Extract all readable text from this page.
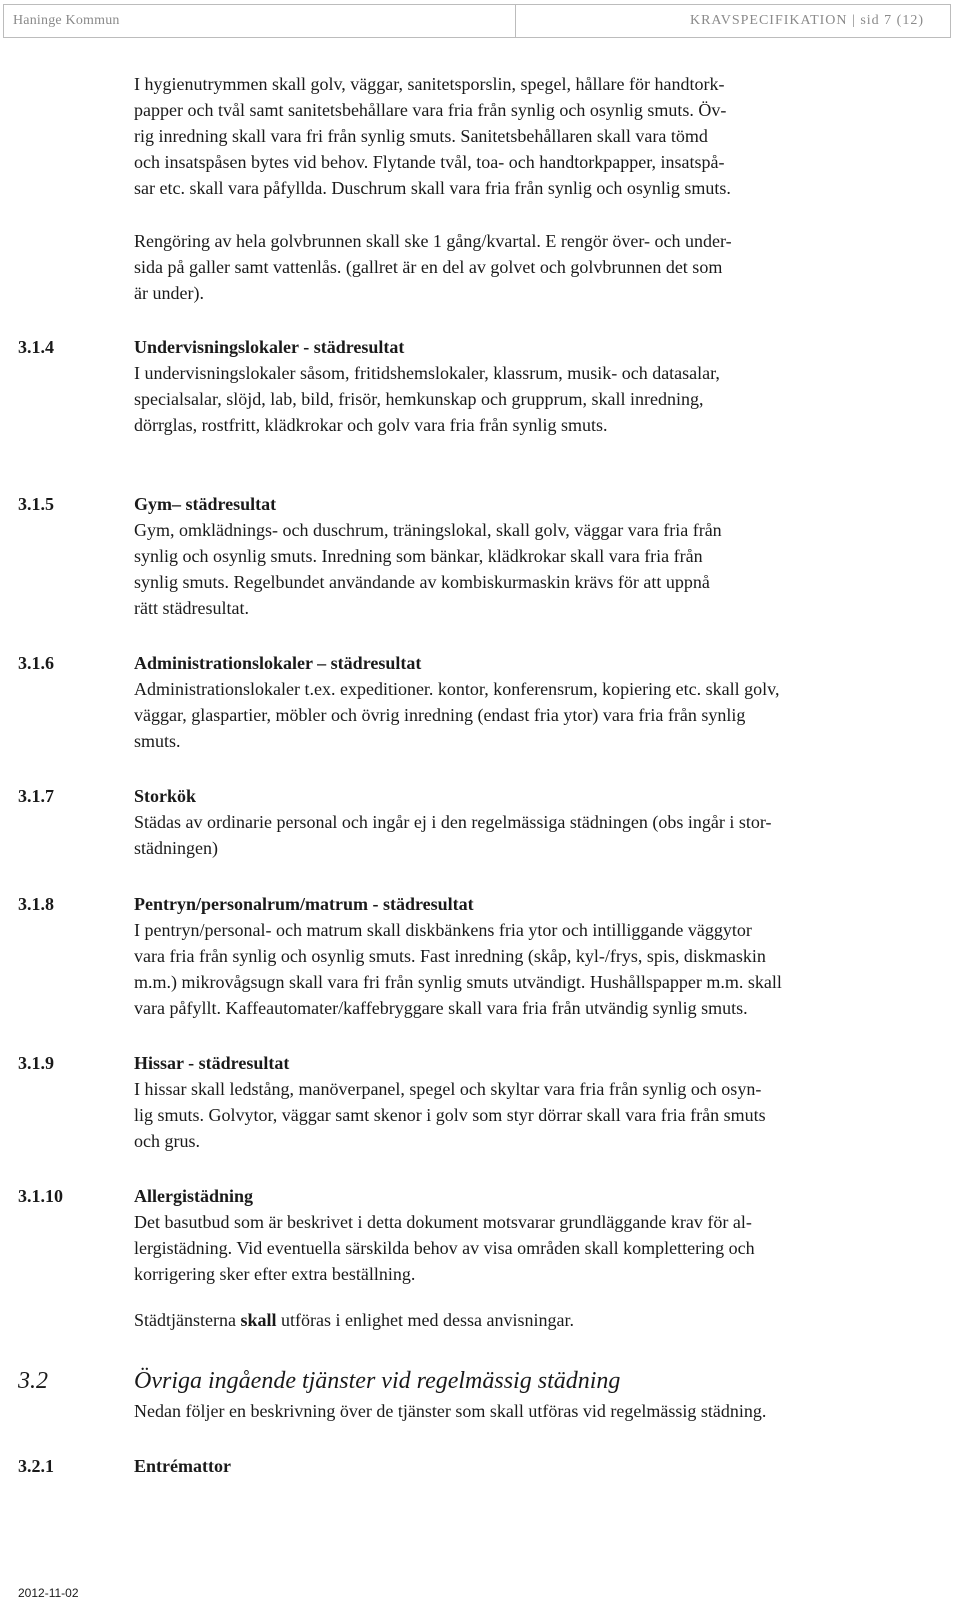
Haninge Kommun	KRAVSPECIFIKATION | sid 7 (12)
I hygienutrymmen skall golv, väggar, sanitetsporslin, spegel, hållare för handtork-
papper och tvål samt sanitetsbehållare vara fria från synlig och osynlig smuts. Öv-
rig inredning skall vara fri från synlig smuts. Sanitetsbehållaren skall vara tömd
och insatspåsen bytes vid behov. Flytande tvål, toa- och handtorkpapper, insatspå-
sar etc. skall vara påfyllda. Duschrum skall vara fria från synlig och osynlig smuts.
Rengöring av hela golvbrunnen skall ske 1 gång/kvartal. E rengör över- och under-
sida på galler samt vattenlås. (gallret är en del av golvet och golvbrunnen det som
är under).
3.1.4	Undervisningslokaler - städresultat
I undervisningslokaler såsom, fritidshemslokaler, klassrum, musik- och datasalar,
specialsalar, slöjd, lab, bild, frisör, hemkunskap och grupprum, skall inredning,
dörrglas, rostfritt, klädkrokar och golv vara fria från synlig smuts.
3.1.5	Gym– städresultat
Gym, omklädnings- och duschrum, träningslokal, skall golv, väggar vara fria från
synlig och osynlig smuts. Inredning som bänkar, klädkrokar skall vara fria från
synlig smuts. Regelbundet användande av kombiskurmaskin krävs för att uppnå
rätt städresultat.
3.1.6	Administrationslokaler – städresultat
Administrationslokaler t.ex. expeditioner. kontor, konferensrum, kopiering etc. skall golv,
väggar, glaspartier, möbler och övrig inredning (endast fria ytor) vara fria från synlig
smuts.
3.1.7	Storkök
Städas av ordinarie personal och ingår ej i den regelmässiga städningen (obs ingår i stor-
städningen)
3.1.8	Pentryn/personalrum/matrum - städresultat
I pentryn/personal- och matrum skall diskbänkens fria ytor och intilliggande väggytor
vara fria från synlig och osynlig smuts. Fast inredning (skåp, kyl-/frys, spis, diskmaskin
m.m.) mikrovågsugn skall vara fri från synlig smuts utvändigt. Hushållspapper m.m. skall
vara påfyllt. Kaffeautomater/kaffebryggare skall vara fria från utvändig synlig smuts.
3.1.9	Hissar - städresultat
I hissar skall ledstång, manöverpanel, spegel och skyltar vara fria från synlig och osyn-
lig smuts. Golvytor, väggar samt skenor i golv som styr dörrar skall vara fria från smuts
och grus.
3.1.10	Allergistädning
Det basutbud som är beskrivet i detta dokument motsvarar grundläggande krav för al-
lergistädning. Vid eventuella särskilda behov av visa områden skall komplettering och
korrigering sker efter extra beställning.
Städtjänsterna skall utföras i enlighet med dessa anvisningar.
3.2	Övriga ingående tjänster vid regelmässig städning
Nedan följer en beskrivning över de tjänster som skall utföras vid regelmässig städning.
3.2.1	Entrémattor
2012-11-02
